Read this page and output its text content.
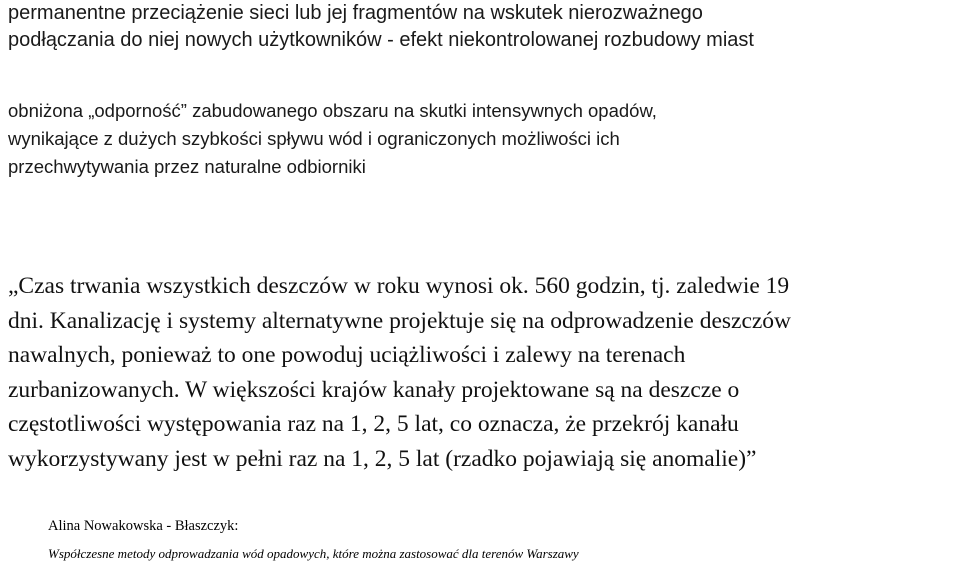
permanentne przeciążenie sieci lub jej fragmentów na wskutek nierozważnego
podłączania do niej nowych użytkowników - efekt niekontrolowanej rozbudowy miast
obniżona „odporność” zabudowanego obszaru na skutki intensywnych opadów,
wynikające z dużych szybkości spływu wód i ograniczonych możliwości ich
przechwytywania przez naturalne odbiorniki
„Czas trwania wszystkich deszczów w roku wynosi ok. 560 godzin, tj. zaledwie 19
dni. Kanalizację i systemy alternatywne projektuje się na odprowadzenie deszczów
nawalnych, ponieważ to one powoduj uciążliwości i zalewy na terenach
zurbanizowanych. W większości krajów kanały projektowane są na deszcze o
częstotliwości występowania raz na 1, 2, 5 lat, co oznacza, że przekrój kanału
wykorzystywany jest w pełni raz na 1, 2, 5 lat (rzadko pojawiają się anomalie)”
Alina Nowakowska - Błaszczyk:
Współczesne metody odprowadzania wód opadowych, które można zastosować dla terenów Warszawy
